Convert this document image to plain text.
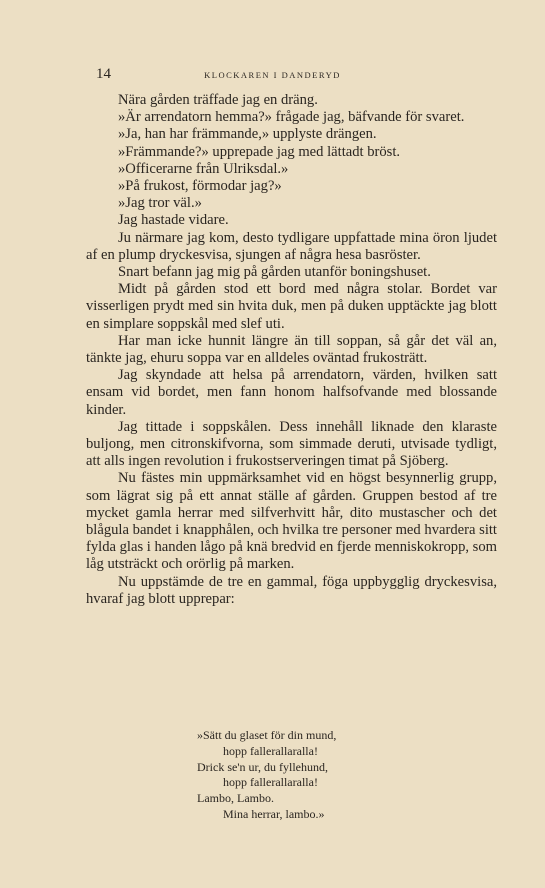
14	KLOCKAREN I DANDERYD

Nära gården träffade jag en dräng.

»Är arrendatorn hemma?» frågade jag, bäfvande för svaret.

»Ja, han har främmande,» upplyste drängen.

»Främmande?» upprepade jag med lättadt bröst.

»Officerarne från Ulriksdal.»

»På frukost, förmodar jag?»

»Jag tror väl.»

Jag hastade vidare.

Ju närmare jag kom, desto tydligare uppfattade mina öron ljudet af en plump dryckesvisa, sjungen af några hesa basröster.

Snart befann jag mig på gården utanför boningshuset.

Midt på gården stod ett bord med några stolar. Bordet var visserligen prydt med sin hvita duk, men på duken upptäckte jag blott en simplare soppskål med slef uti.

Har man icke hunnit längre än till soppan, så går det väl an, tänkte jag, ehuru soppa var en alldeles oväntad frukosträtt.

Jag skyndade att helsa på arrendatorn, värden, hvilken satt ensam vid bordet, men fann honom halfsofvande med blossande kinder.

Jag tittade i soppskålen. Dess innehåll liknade den klaraste buljong, men citronskifvorna, som simmade deruti, utvisade tydligt, att alls ingen revolution i frukostserveringen timat på Sjöberg.

Nu fästes min uppmärksamhet vid en högst besynnerlig grupp, som lägrat sig på ett annat ställe af gården. Gruppen bestod af tre mycket gamla herrar med silfverhvitt hår, dito mustascher och det blågula bandet i knapphålen, och hvilka tre personer med hvardera sitt fylda glas i handen lågo på knä bredvid en fjerde menniskokropp, som låg utsträckt och orörlig på marken.

Nu uppstämde de tre en gammal, föga uppbygglig dryckesvisa, hvaraf jag blott upprepar:

»Sätt du glaset för din mund,

hopp fallerallaralla!

Drick se'n ur, du fyllehund,

hopp fallerallaralla!

Lambo, Lambo.

Mina herrar, lambo.»
